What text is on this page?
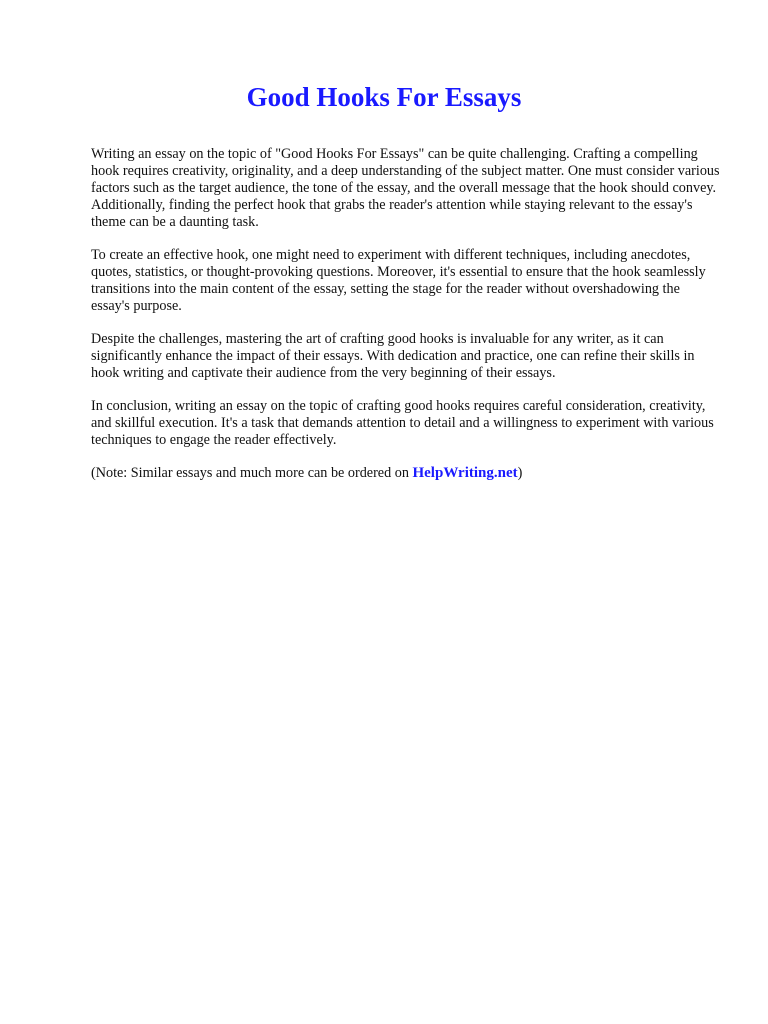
Good Hooks For Essays

Writing an essay on the topic of "Good Hooks For Essays" can be quite challenging. Crafting a compelling hook requires creativity, originality, and a deep understanding of the subject matter. One must consider various factors such as the target audience, the tone of the essay, and the overall message that the hook should convey. Additionally, finding the perfect hook that grabs the reader's attention while staying relevant to the essay's theme can be a daunting task.

To create an effective hook, one might need to experiment with different techniques, including anecdotes, quotes, statistics, or thought-provoking questions. Moreover, it's essential to ensure that the hook seamlessly transitions into the main content of the essay, setting the stage for the reader without overshadowing the essay's purpose.

Despite the challenges, mastering the art of crafting good hooks is invaluable for any writer, as it can significantly enhance the impact of their essays. With dedication and practice, one can refine their skills in hook writing and captivate their audience from the very beginning of their essays.

In conclusion, writing an essay on the topic of crafting good hooks requires careful consideration, creativity, and skillful execution. It's a task that demands attention to detail and a willingness to experiment with various techniques to engage the reader effectively.

(Note: Similar essays and much more can be ordered on HelpWriting.net)
